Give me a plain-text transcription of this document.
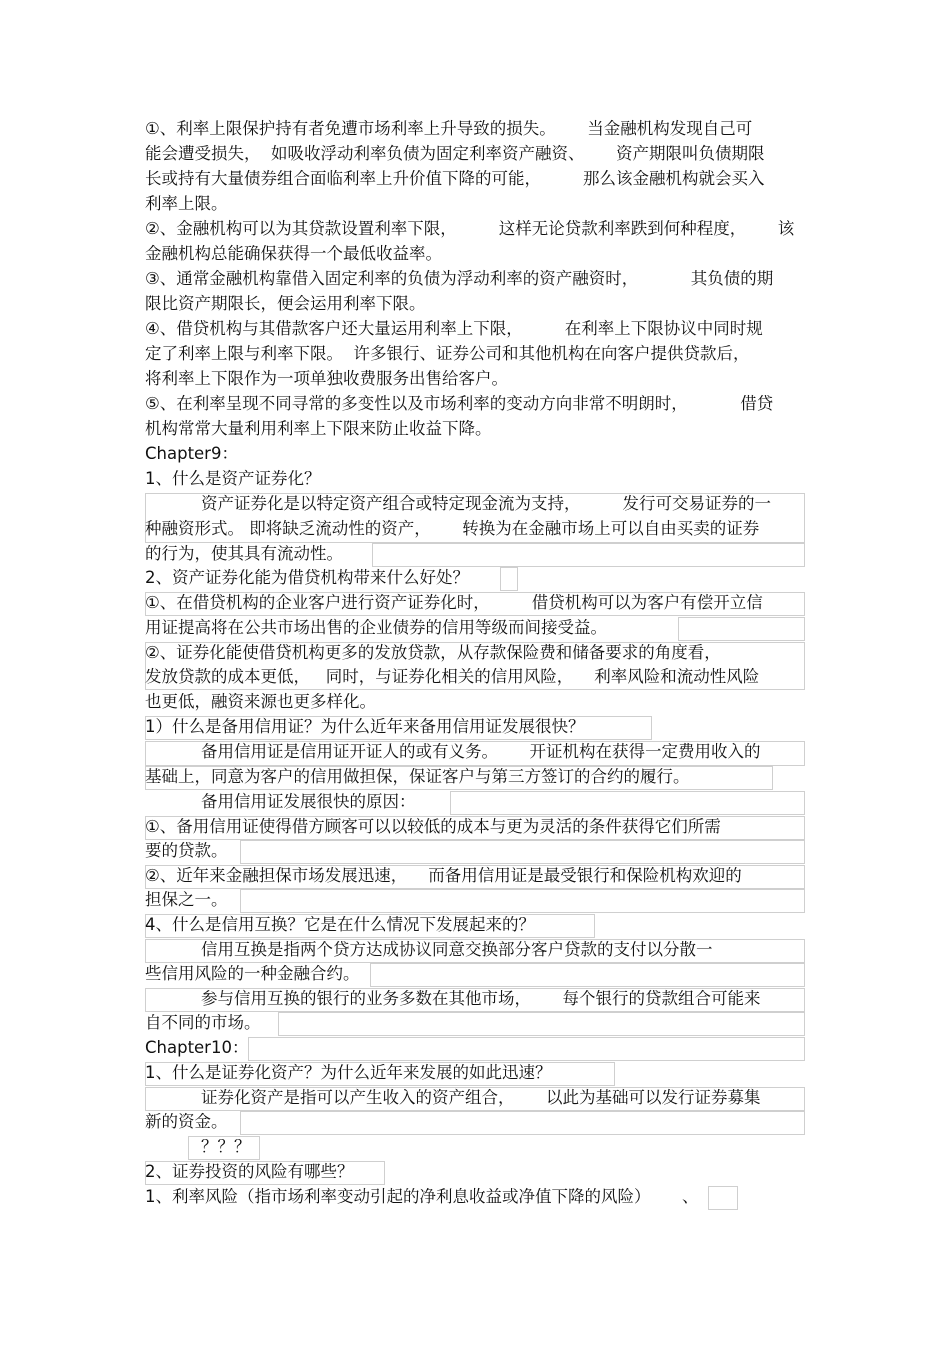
①、利率上限保护持有者免遭市场利率上升导致的损失。      当金融机构发现自己可
能会遭受损失，  如吸收浮动利率负债为固定利率资产融资、      资产期限叫负债期限
长或持有大量债券组合面临利率上升价值下降的可能，        那么该金融机构就会买入
利率上限。
②、金融机构可以为其贷款设置利率下限，        这样无论贷款利率跌到何种程度，      该
金融机构总能确保获得一个最低收益率。
③、通常金融机构靠借入固定利率的负债为浮动利率的资产融资时，          其负债的期
限比资产期限长，便会运用利率下限。
④、借贷机构与其借款客户还大量运用利率上下限，        在利率上下限协议中同时规
定了利率上限与利率下限。  许多银行、证券公司和其他机构在向客户提供贷款后，
将利率上下限作为一项单独收费服务出售给客户。
⑤、在利率呈现不同寻常的多变性以及市场利率的变动方向非常不明朗时，          借贷
机构常常大量利用利率上下限来防止收益下降。
Chapter9：
1、什么是资产证券化？
资产证券化是以特定资产组合或特定现金流为支持，        发行可交易证券的一
种融资形式。 即将缺乏流动性的资产，      转换为在金融市场上可以自由买卖的证券
的行为，使其具有流动性。
2、资产证券化能为借贷机构带来什么好处？
①、在借贷机构的企业客户进行资产证券化时，        借贷机构可以为客户有偿开立信
用证提高将在公共市场出售的企业债券的信用等级而间接受益。
②、证券化能使借贷机构更多的发放贷款，从存款保险费和储备要求的角度看，
发放贷款的成本更低，   同时，与证券化相关的信用风险，    利率风险和流动性风险
也更低，融资来源也更多样化。
1）什么是备用信用证？为什么近年来备用信用证发展很快？
备用信用证是信用证开证人的或有义务。      开证机构在获得一定费用收入的
基础上，同意为客户的信用做担保，保证客户与第三方签订的合约的履行。
备用信用证发展很快的原因：
①、备用信用证使得借方顾客可以以较低的成本与更为灵活的条件获得它们所需
要的贷款。
②、近年来金融担保市场发展迅速，    而备用信用证是最受银行和保险机构欢迎的
担保之一。
4、什么是信用互换？它是在什么情况下发展起来的？
信用互换是指两个贷方达成协议同意交换部分客户贷款的支付以分散一
些信用风险的一种金融合约。
参与信用互换的银行的业务多数在其他市场，      每个银行的贷款组合可能来
自不同的市场。
Chapter10：
1、什么是证券化资产？为什么近年来发展的如此迅速？
证券化资产是指可以产生收入的资产组合，      以此为基础可以发行证券募集
新的资金。
？？？
2、证券投资的风险有哪些？
1、利率风险（指市场利率变动引起的净利息收益或净值下降的风险）      、
